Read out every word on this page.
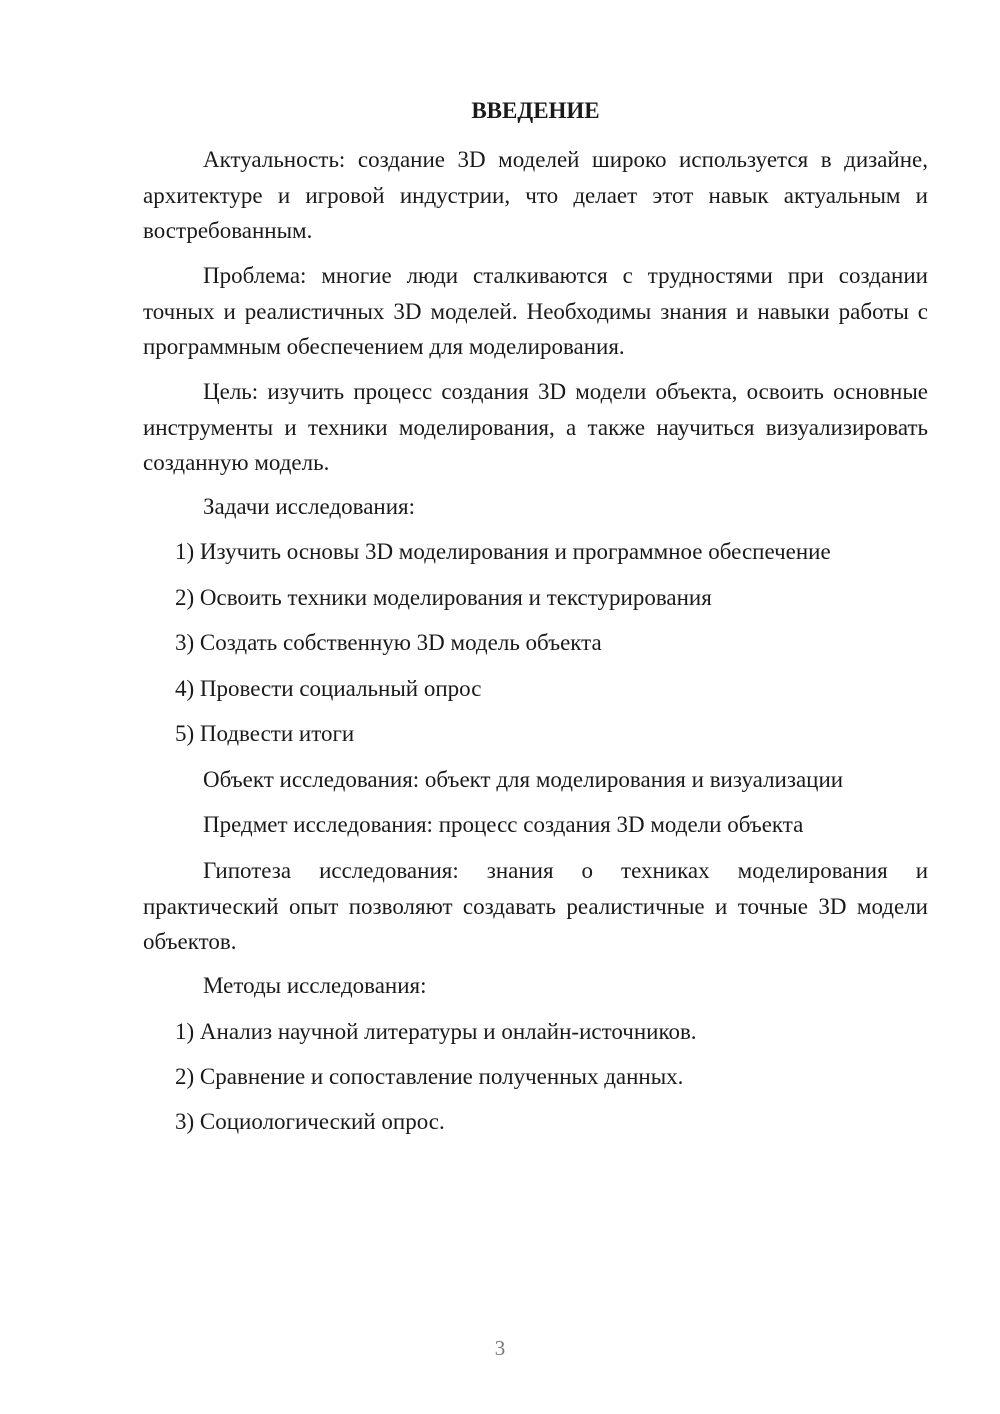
ВВЕДЕНИЕ
Актуальность: создание 3D моделей широко используется в дизайне, архитектуре и игровой индустрии, что делает этот навык актуальным и востребованным.
Проблема: многие люди сталкиваются с трудностями при создании точных и реалистичных 3D моделей. Необходимы знания и навыки работы с программным обеспечением для моделирования.
Цель: изучить процесс создания 3D модели объекта, освоить основные инструменты и техники моделирования, а также научиться визуализировать созданную модель.
Задачи исследования:
1) Изучить основы 3D моделирования и программное обеспечение
2) Освоить техники моделирования и текстурирования
3) Создать собственную 3D модель объекта
4) Провести социальный опрос
5) Подвести итоги
Объект исследования: объект для моделирования и визуализации
Предмет исследования: процесс создания 3D модели объекта
Гипотеза исследования: знания о техниках моделирования и практический опыт позволяют создавать реалистичные и точные 3D модели объектов.
Методы исследования:
1) Анализ научной литературы и онлайн-источников.
2) Сравнение и сопоставление полученных данных.
3) Социологический опрос.
3
